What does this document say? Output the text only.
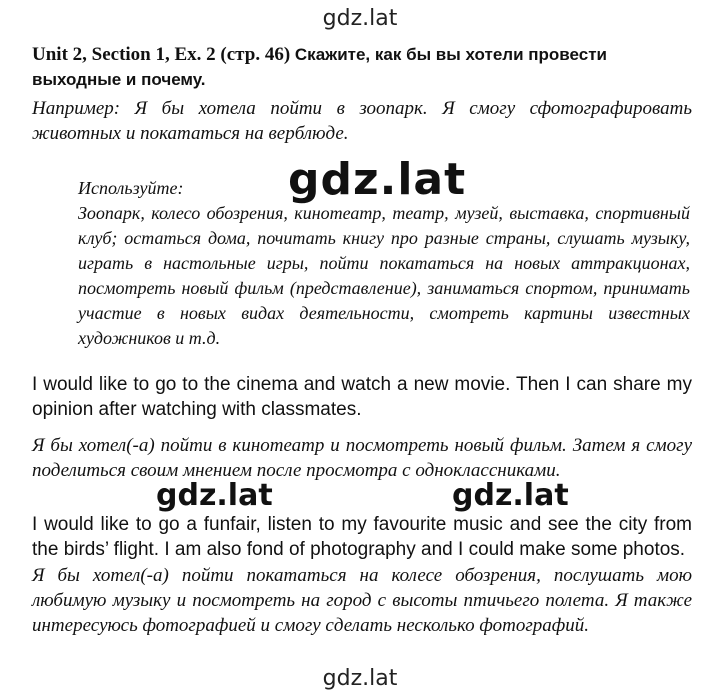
gdz.lat
Unit 2, Section 1, Ex. 2 (стр. 46) Скажите, как бы вы хотели провести выходные и почему.
Например: Я бы хотела пойти в зоопарк. Я смогу сфотографировать животных и покататься на верблюде.
Используйте:
Зоопарк, колесо обозрения, кинотеатр, театр, музей, выставка, спортивный клуб; остаться дома, почитать книгу про разные страны, слушать музыку, играть в настольные игры, пойти покататься на новых аттракционах, посмотреть новый фильм (представление), заниматься спортом, принимать участие в новых видах деятельности, смотреть картины известных художников и т.д.
gdz.lat
I would like to go to the cinema and watch a new movie. Then I can share my opinion after watching with classmates.
Я бы хотел(-а) пойти в кинотеатр и посмотреть новый фильм. Затем я смогу поделиться своим мнением после просмотра с одноклассниками.
gdz.lat	gdz.lat
I would like to go a funfair, listen to my favourite music and see the city from the birds’ flight. I am also fond of photography and I could make some photos.
Я бы хотел(-а) пойти покататься на колесе обозрения, послушать мою любимую музыку и посмотреть на город с высоты птичьего полета. Я также интересуюсь фотографией и смогу сделать несколько фотографий.
gdz.lat
